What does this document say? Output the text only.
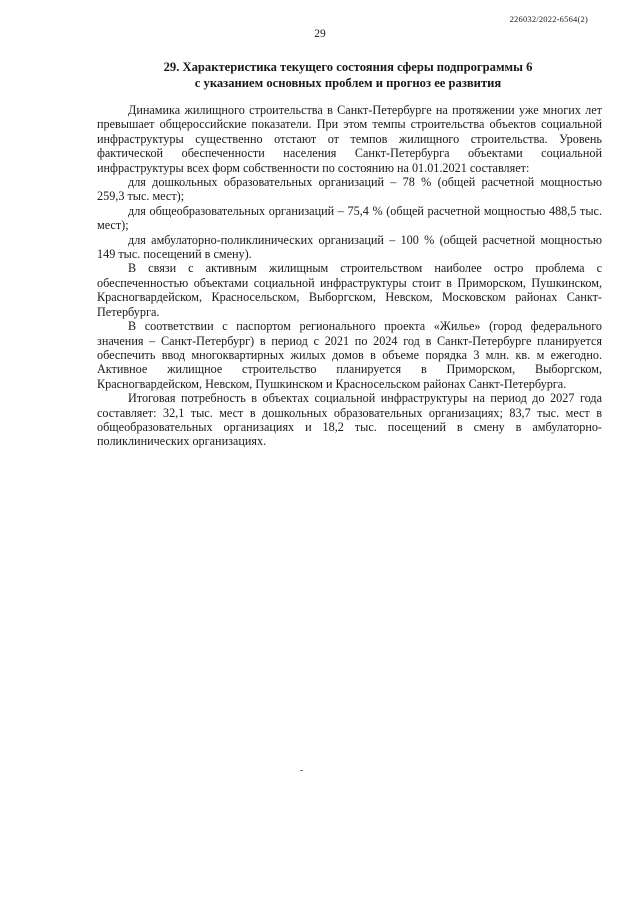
226032/2022-6564(2)
29
29. Характеристика текущего состояния сферы подпрограммы 6
с указанием основных проблем и прогноз ее развития

Динамика жилищного строительства в Санкт-Петербурге на протяжении уже многих лет превышает общероссийские показатели. При этом темпы строительства объектов социальной инфраструктуры существенно отстают от темпов жилищного строительства. Уровень фактической обеспеченности населения Санкт-Петербурга объектами социальной инфраструктуры всех форм собственности по состоянию на 01.01.2021 составляет:

для дошкольных образовательных организаций – 78 % (общей расчетной мощностью 259,3 тыс. мест);

для общеобразовательных организаций – 75,4 % (общей расчетной мощностью 488,5 тыс. мест);

для амбулаторно-поликлинических организаций – 100 % (общей расчетной мощностью 149 тыс. посещений в смену).

В связи с активным жилищным строительством наиболее остро проблема с обеспеченностью объектами социальной инфраструктуры стоит в Приморском, Пушкинском, Красногвардейском, Красносельском, Выборгском, Невском, Московском районах Санкт-Петербурга.

В соответствии с паспортом регионального проекта «Жилье» (город федерального значения – Санкт-Петербург) в период с 2021 по 2024 год в Санкт-Петербурге планируется обеспечить ввод многоквартирных жилых домов в объеме порядка 3 млн. кв. м ежегодно. Активное жилищное строительство планируется в Приморском, Выборгском, Красногвардейском, Невском, Пушкинском и Красносельском районах Санкт-Петербурга.

Итоговая потребность в объектах социальной инфраструктуры на период до 2027 года составляет: 32,1 тыс. мест в дошкольных образовательных организациях; 83,7 тыс. мест в общеобразовательных организациях и 18,2 тыс. посещений в смену в амбулаторно-поликлинических организациях.
